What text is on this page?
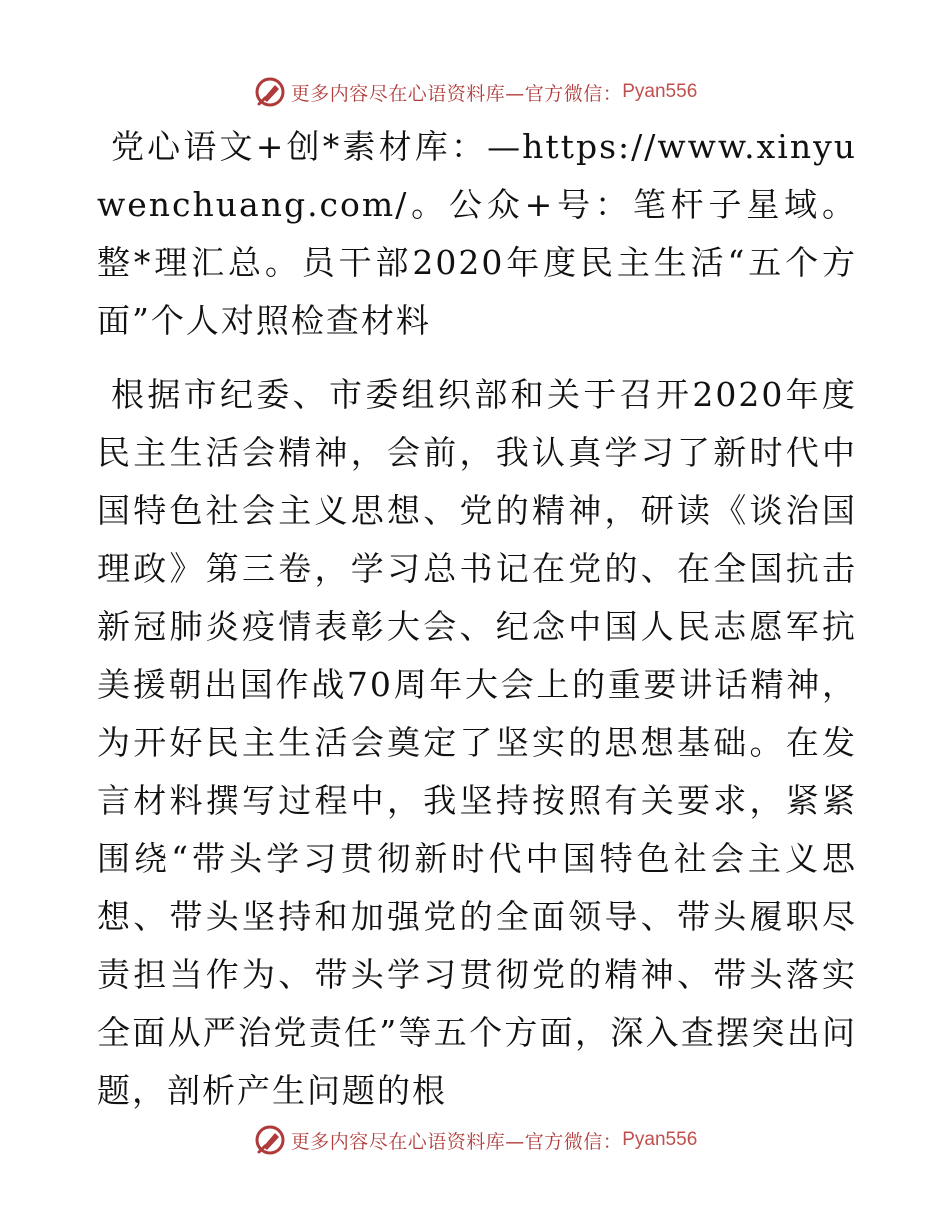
更多内容尽在心语资料库—官方微信： Pyan556

党心语文+创*素材库：—https://www.xinyuwenchuang.com/。公众+号：笔杆子星域。整*理汇总。员干部2020年度民主生活“五个方面”个人对照检查材料

根据市纪委、市委组织部和关于召开2020年度民主生活会精神，会前，我认真学习了新时代中国特色社会主义思想、党的精神，研读《谈治国理政》第三卷，学习总书记在党的、在全国抗击新冠肺炎疫情表彰大会、纪念中国人民志愿军抗美援朝出国作战70周年大会上的重要讲话精神，为开好民主生活会奠定了坚实的思想基础。在发言材料撰写过程中，我坚持按照有关要求，紧紧围绕“带头学习贯彻新时代中国特色社会主义思想、带头坚持和加强党的全面领导、带头履职尽责担当作为、带头学习贯彻党的精神、带头落实全面从严治党责任”等五个方面，深入查摆突出问题，剖析产生问题的根

更多内容尽在心语资料库—官方微信： Pyan556
